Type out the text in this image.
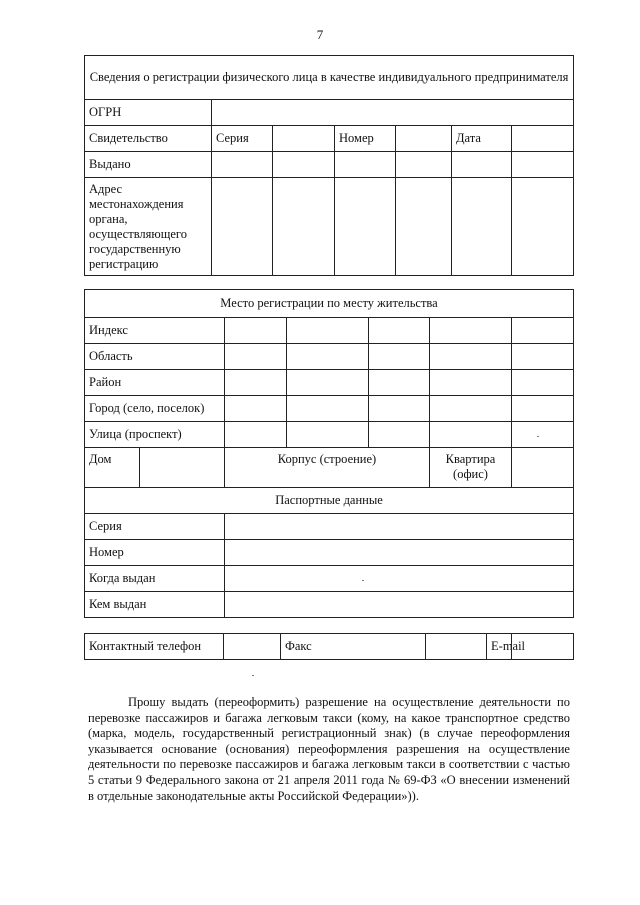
7
Сведения о регистрации физического лица в качестве индивидуального предпринимателя						
ОГРН						
Свидетельство	Серия		Номер		Дата	
Выдано						
Адрес местонахождения органа, осуществляющего государственную регистрацию						
Место регистрации по месту жительства						
Индекс						
Область						
Район						
Город (село, поселок)						
Улица (проспект)						
Дом		Корпус (строение)			Квартира (офис)	
Паспортные данные						
Серия						
Номер						
Когда выдан						
Кем выдан						
Контактный телефон		Факс		E-mail
Прошу выдать (переоформить) разрешение на осуществление деятельности по перевозке пассажиров и багажа легковым такси (кому, на какое транспортное средство (марка, модель, государственный регистрационный знак) (в случае переоформления указывается основание (основания) переоформления разрешения на осуществление деятельности по перевозке пассажиров и багажа легковым такси в соответствии с частью 5 статьи 9 Федерального закона от 21 апреля 2011 года № 69-ФЗ «О внесении изменений в отдельные законодательные акты Российской Федерации»)).
